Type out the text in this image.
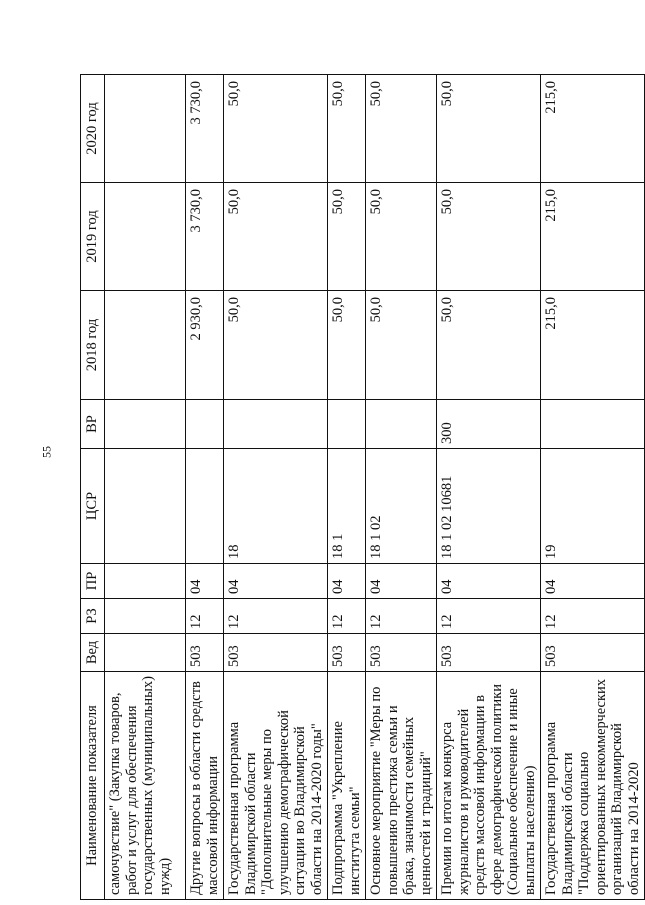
55
Наименование показателя	Вед	РЗ	ПР	ЦСР	ВР	2018 год	2019 год	2020 год
самочувствие" (Закупка товаров, работ и услуг для обеспечения государственных (муниципальных) нужд)								
Другие вопросы в области средств массовой информации	503	12	04			2 930,0	3 730,0	3 730,0
Государственная программа Владимирской области "Дополнительные меры по улучшению демографической ситуации во Владимирской области на 2014-2020 годы"	503	12	04	18		50,0	50,0	50,0
Подпрограмма "Укрепление института семьи"	503	12	04	18 1		50,0	50,0	50,0
Основное мероприятие "Меры по повышению престижа семьи и брака, значимости семейных ценностей и традиций"	503	12	04	18 1 02		50,0	50,0	50,0
Премии по итогам конкурса журналистов и руководителей средств массовой информации в сфере демографической политики (Социальное обеспечение и иные выплаты населению)	503	12	04	18 1 02 10681	300	50,0	50,0	50,0
Государственная программа Владимирской области "Поддержка социально ориентированных некоммерческих организаций Владимирской области на 2014-2020	503	12	04	19		215,0	215,0	215,0
